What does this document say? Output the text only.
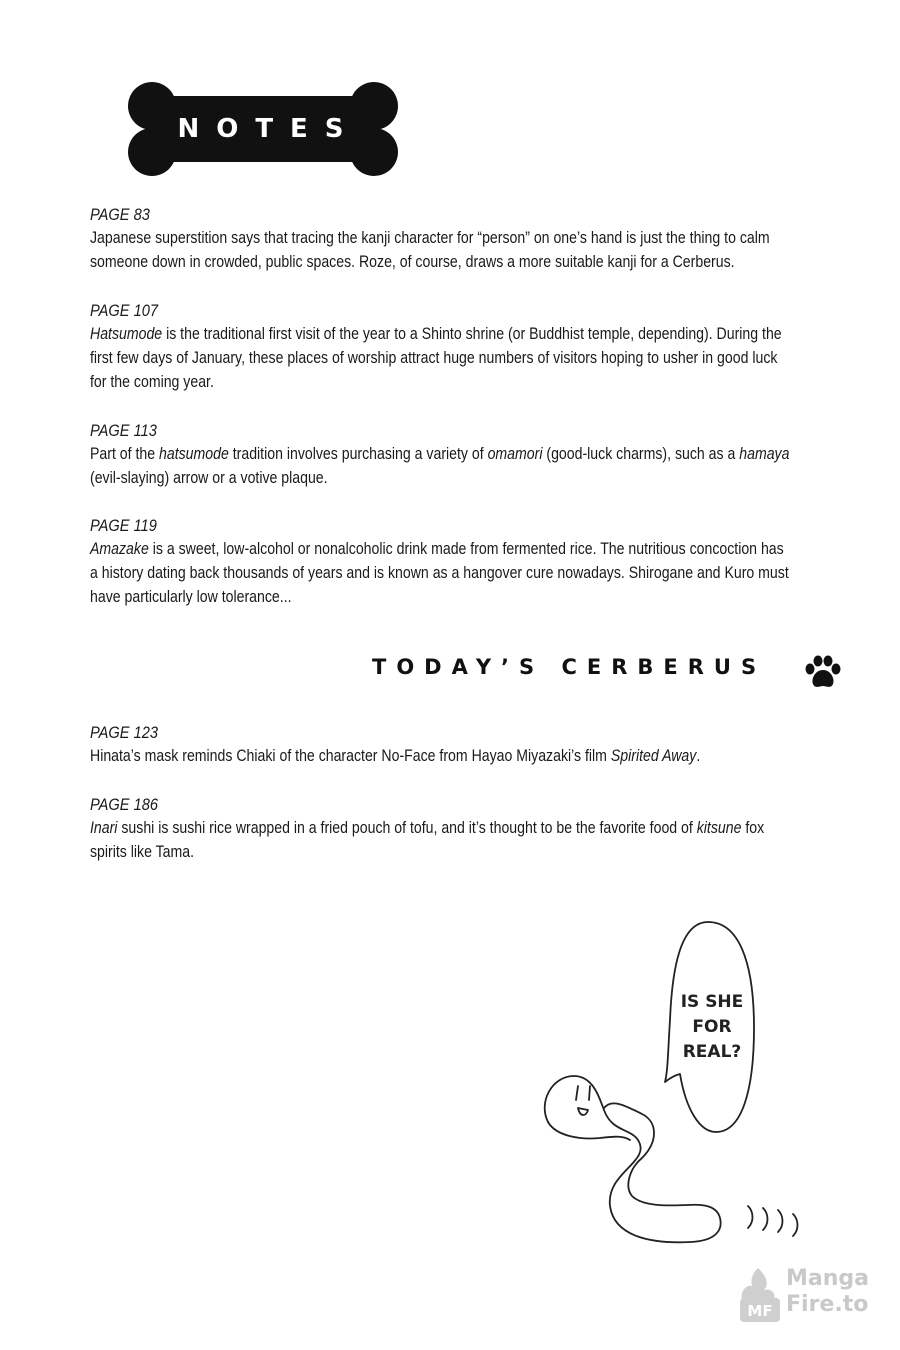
NOTES
PAGE 83
Japanese superstition says that tracing the kanji character for “person” on one’s hand is just the thing to calm
someone down in crowded, public spaces. Roze, of course, draws a more suitable kanji for a Cerberus.
PAGE 107
Hatsumode is the traditional first visit of the year to a Shinto shrine (or Buddhist temple, depending). During the
first few days of January, these places of worship attract huge numbers of visitors hoping to usher in good luck
for the coming year.
PAGE 113
Part of the hatsumode tradition involves purchasing a variety of omamori (good-luck charms), such as a hamaya
(evil-slaying) arrow or a votive plaque.
PAGE 119
Amazake is a sweet, low-alcohol or nonalcoholic drink made from fermented rice. The nutritious concoction has
a history dating back thousands of years and is known as a hangover cure nowadays. Shirogane and Kuro must
have particularly low tolerance...
TODAY’S CERBERUS
PAGE 123
Hinata’s mask reminds Chiaki of the character No-Face from Hayao Miyazaki’s film Spirited Away.
PAGE 186
Inari sushi is sushi rice wrapped in a fried pouch of tofu, and it’s thought to be the favorite food of kitsune fox
spirits like Tama.
IS SHE
FOR
REAL?
MF
Manga
Fire.to
